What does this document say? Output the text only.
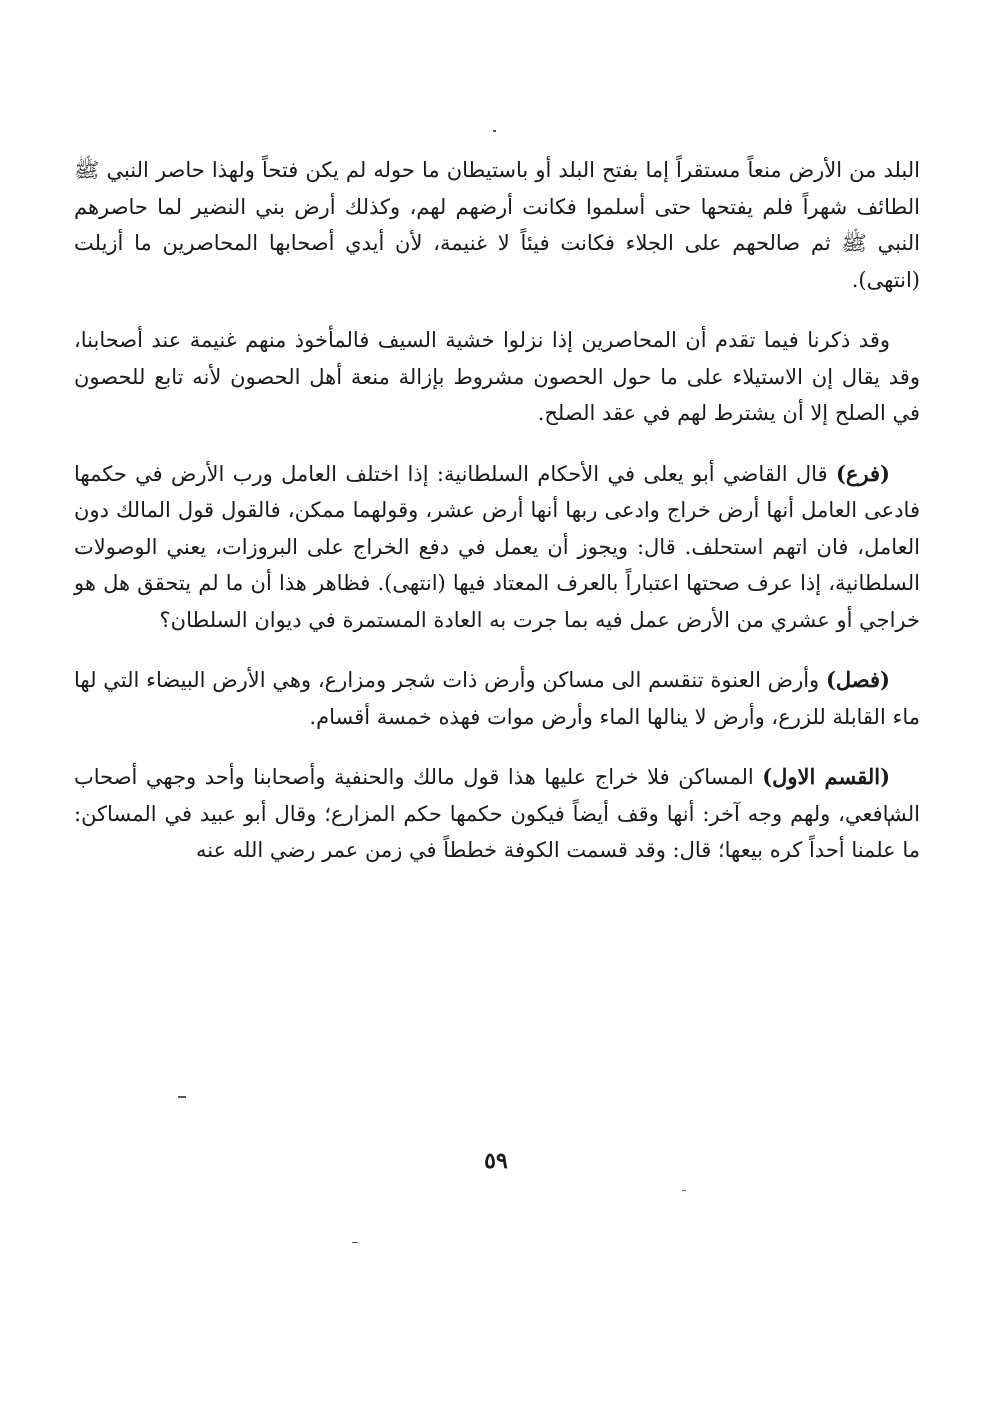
البلد من الأرض منعاً مستقراً إما بفتح البلد أو باستيطان ما حوله لم يكن فتحاً ولهذا حاصر النبي ﷺ الطائف شهراً فلم يفتحها حتى أسلموا فكانت أرضهم لهم، وكذلك أرض بني النضير لما حاصرهم النبي ﷺ ثم صالحهم على الجلاء فكانت فيئاً لا غنيمة، لأن أيدي أصحابها المحاصرين ما أزيلت (انتهى).

وقد ذكرنا فيما تقدم أن المحاصرين إذا نزلوا خشية السيف فالمأخوذ منهم غنيمة عند أصحابنا، وقد يقال إن الاستيلاء على ما حول الحصون مشروط بإزالة منعة أهل الحصون لأنه تابع للحصون في الصلح إلا أن يشترط لهم في عقد الصلح.

(فرع) قال القاضي أبو يعلى في الأحكام السلطانية: إذا اختلف العامل ورب الأرض في حكمها فادعى العامل أنها أرض خراج وادعى ربها أنها أرض عشر، وقولهما ممكن، فالقول قول المالك دون العامل، فان اتهم استحلف. قال: ويجوز أن يعمل في دفع الخراج على البروزات، يعني الوصولات السلطانية، إذا عرف صحتها اعتباراً بالعرف المعتاد فيها (انتهى). فظاهر هذا أن ما لم يتحقق هل هو خراجي أو عشري من الأرض عمل فيه بما جرت به العادة المستمرة في ديوان السلطان؟

(فصل) وأرض العنوة تنقسم الى مساكن وأرض ذات شجر ومزارع، وهي الأرض البيضاء التي لها ماء القابلة للزرع، وأرض لا ينالها الماء وأرض موات فهذه خمسة أقسام.

(القسم الاول) المساكن فلا خراج عليها هذا قول مالك والحنفية وأصحابنا وأحد وجهي أصحاب الشافعي، ولهم وجه آخر: أنها وقف أيضاً فيكون حكمها حكم المزارع؛ وقال أبو عبيد في المساكن: ما علمنا أحداً كره بيعها؛ قال: وقد قسمت الكوفة خططاً في زمن عمر رضي الله عنه

٥٩
